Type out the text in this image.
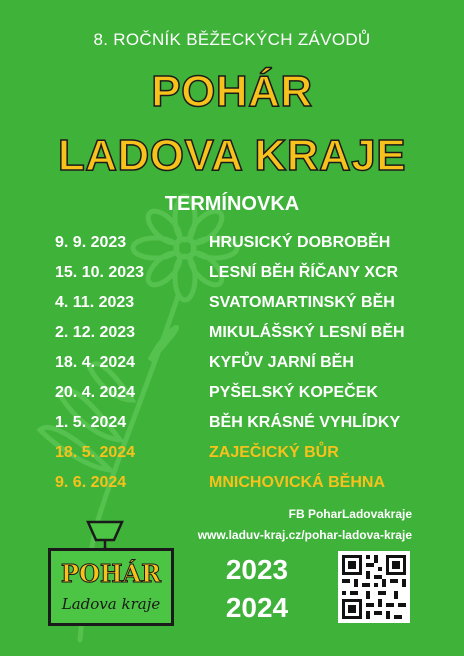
8. ROČNÍK BĚŽECKÝCH ZÁVODŮ
POHÁR
LADOVA KRAJE
TERMÍNOVKA
9. 9. 2023	HRUSICKÝ DOBROBĚH
15. 10. 2023	LESNÍ BĚH ŘÍČANY XCR
4. 11. 2023	SVATOMARTINSKÝ BĚH
2. 12. 2023	MIKULÁŠSKÝ LESNÍ BĚH
18. 4. 2024	KYFŮV JARNÍ BĚH
20. 4. 2024	PYŠELSKÝ KOPEČEK
1. 5. 2024	BĚH KRÁSNÉ VYHLÍDKY
18. 5. 2024	ZAJEČICKÝ BŮR
9. 6. 2024	MNICHOVICKÁ BĚHNA
FB PoharLadovakraje
www.laduv-kraj.cz/pohar-ladova-kraje
POHÁR
Ladova kraje
2023
2024
